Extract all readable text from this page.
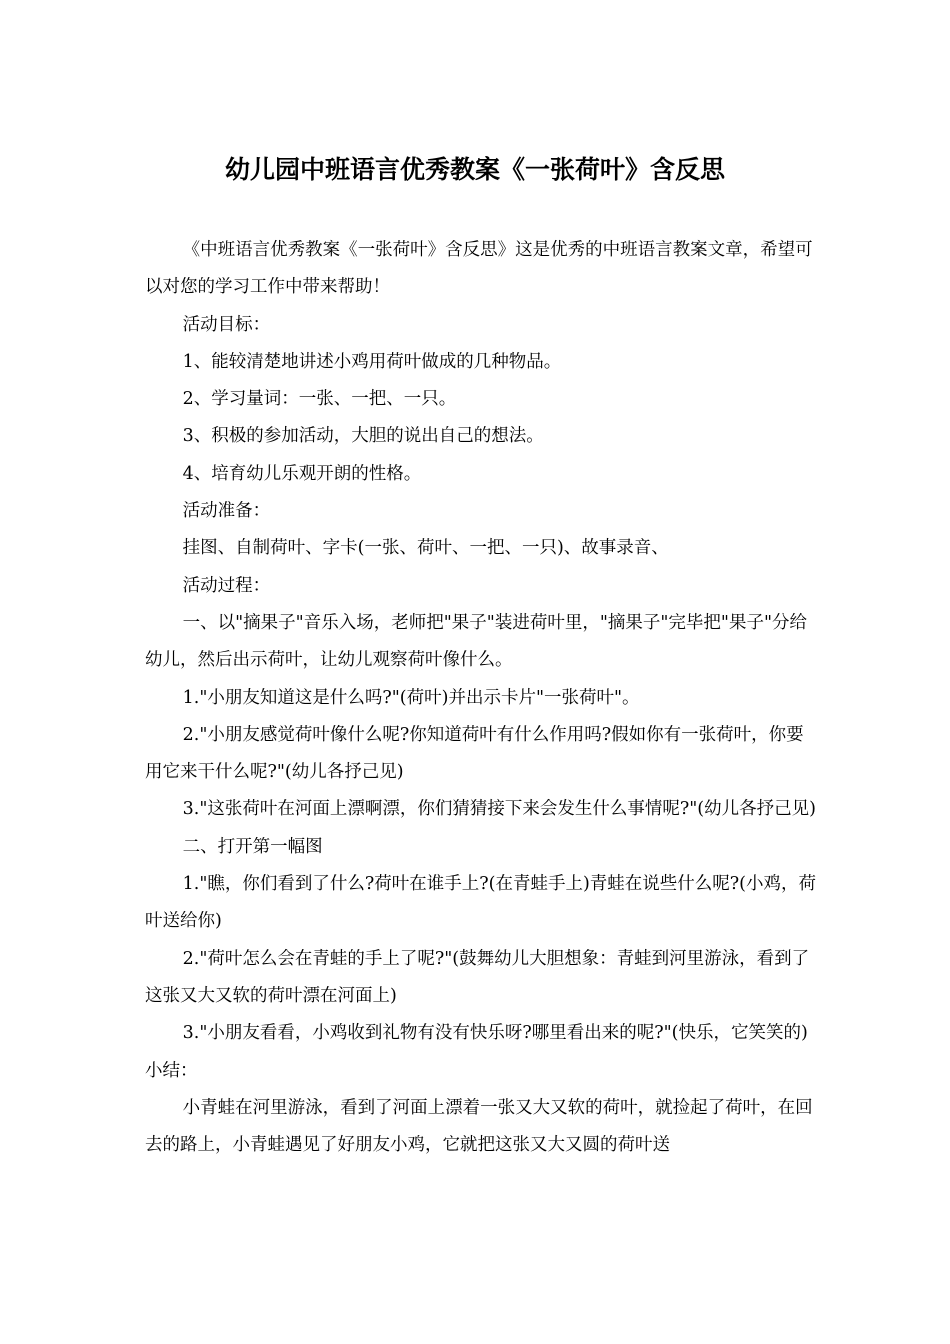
幼儿园中班语言优秀教案《一张荷叶》含反思

《中班语言优秀教案《一张荷叶》含反思》这是优秀的中班语言教案文章，希望可以对您的学习工作中带来帮助！

活动目标：

1、能较清楚地讲述小鸡用荷叶做成的几种物品。

2、学习量词：一张、一把、一只。

3、积极的参加活动，大胆的说出自己的想法。

4、培育幼儿乐观开朗的性格。

活动准备：

挂图、自制荷叶、字卡(一张、荷叶、一把、一只)、故事录音、

活动过程：

一、以"摘果子"音乐入场，老师把"果子"装进荷叶里，"摘果子"完毕把"果子"分给幼儿，然后出示荷叶，让幼儿观察荷叶像什么。

1."小朋友知道这是什么吗?"(荷叶)并出示卡片"一张荷叶"。

2."小朋友感觉荷叶像什么呢?你知道荷叶有什么作用吗?假如你有一张荷叶，你要用它来干什么呢?"(幼儿各抒己见)

3."这张荷叶在河面上漂啊漂，你们猜猜接下来会发生什么事情呢?"(幼儿各抒己见)

二、打开第一幅图

1."瞧，你们看到了什么?荷叶在谁手上?(在青蛙手上)青蛙在说些什么呢?(小鸡，荷叶送给你)

2."荷叶怎么会在青蛙的手上了呢?"(鼓舞幼儿大胆想象：青蛙到河里游泳，看到了这张又大又软的荷叶漂在河面上)

3."小朋友看看，小鸡收到礼物有没有快乐呀?哪里看出来的呢?"(快乐，它笑笑的)小结：

小青蛙在河里游泳，看到了河面上漂着一张又大又软的荷叶，就捡起了荷叶，在回去的路上，小青蛙遇见了好朋友小鸡，它就把这张又大又圆的荷叶送
